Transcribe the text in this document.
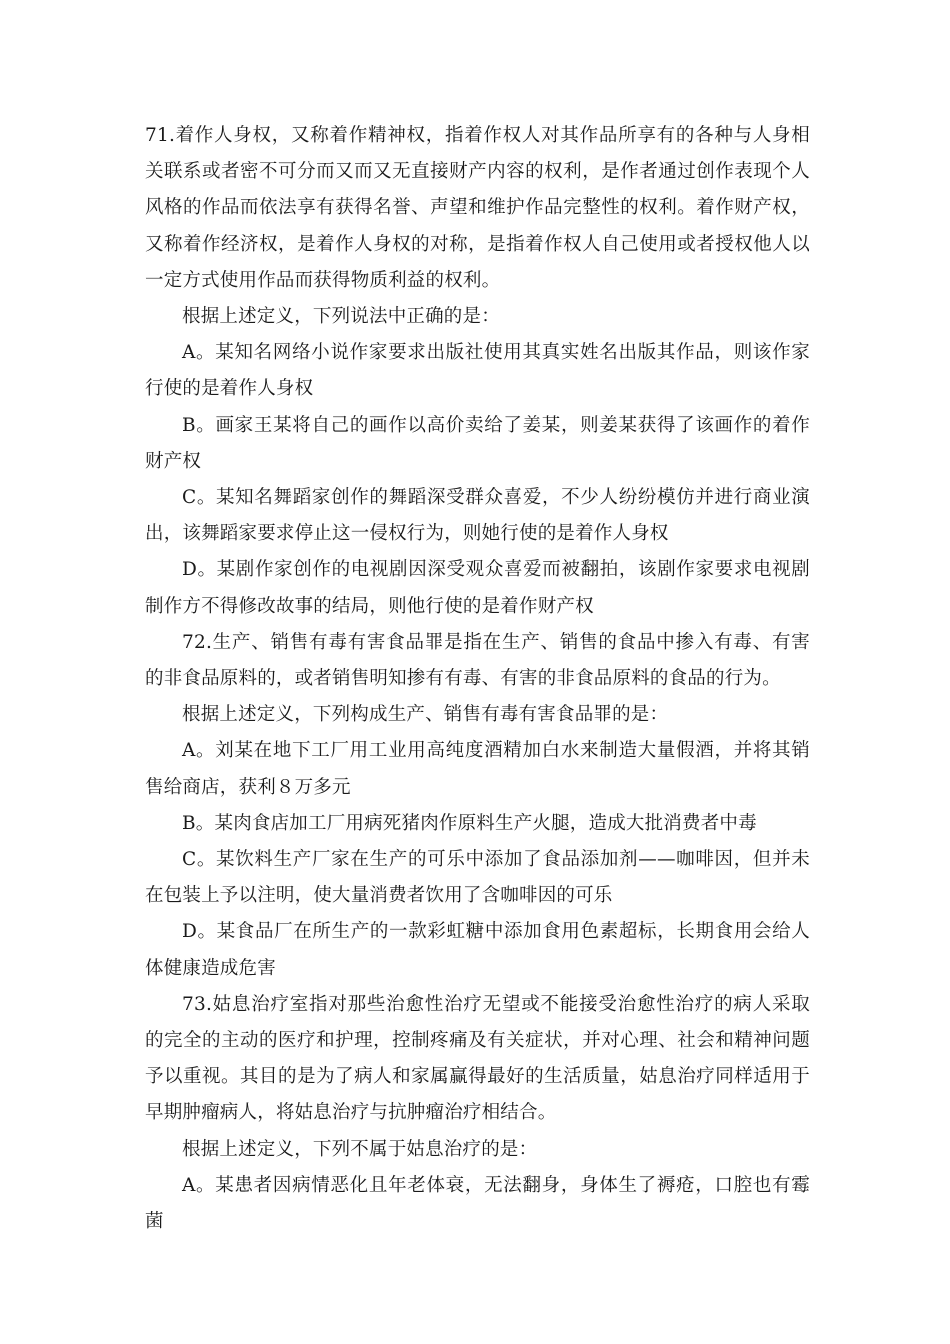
71.着作人身权，又称着作精神权，指着作权人对其作品所享有的各种与人身相关联系或者密不可分而又而又无直接财产内容的权利，是作者通过创作表现个人风格的作品而依法享有获得名誉、声望和维护作品完整性的权利。着作财产权，又称着作经济权，是着作人身权的对称，是指着作权人自己使用或者授权他人以一定方式使用作品而获得物质利益的权利。

根据上述定义，下列说法中正确的是：

A。某知名网络小说作家要求出版社使用其真实姓名出版其作品，则该作家行使的是着作人身权

B。画家王某将自己的画作以高价卖给了姜某，则姜某获得了该画作的着作财产权

C。某知名舞蹈家创作的舞蹈深受群众喜爱，不少人纷纷模仿并进行商业演出，该舞蹈家要求停止这一侵权行为，则她行使的是着作人身权

D。某剧作家创作的电视剧因深受观众喜爱而被翻拍，该剧作家要求电视剧制作方不得修改故事的结局，则他行使的是着作财产权

72.生产、销售有毒有害食品罪是指在生产、销售的食品中掺入有毒、有害的非食品原料的，或者销售明知掺有有毒、有害的非食品原料的食品的行为。

根据上述定义，下列构成生产、销售有毒有害食品罪的是：

A。刘某在地下工厂用工业用高纯度酒精加白水来制造大量假酒，并将其销售给商店，获利８万多元

B。某肉食店加工厂用病死猪肉作原料生产火腿，造成大批消费者中毒

C。某饮料生产厂家在生产的可乐中添加了食品添加剂——咖啡因，但并未在包装上予以注明，使大量消费者饮用了含咖啡因的可乐

D。某食品厂在所生产的一款彩虹糖中添加食用色素超标，长期食用会给人体健康造成危害

73.姑息治疗室指对那些治愈性治疗无望或不能接受治愈性治疗的病人采取的完全的主动的医疗和护理，控制疼痛及有关症状，并对心理、社会和精神问题予以重视。其目的是为了病人和家属赢得最好的生活质量，姑息治疗同样适用于早期肿瘤病人，将姑息治疗与抗肿瘤治疗相结合。

根据上述定义，下列不属于姑息治疗的是：

A。某患者因病情恶化且年老体衰，无法翻身，身体生了褥疮，口腔也有霉菌
